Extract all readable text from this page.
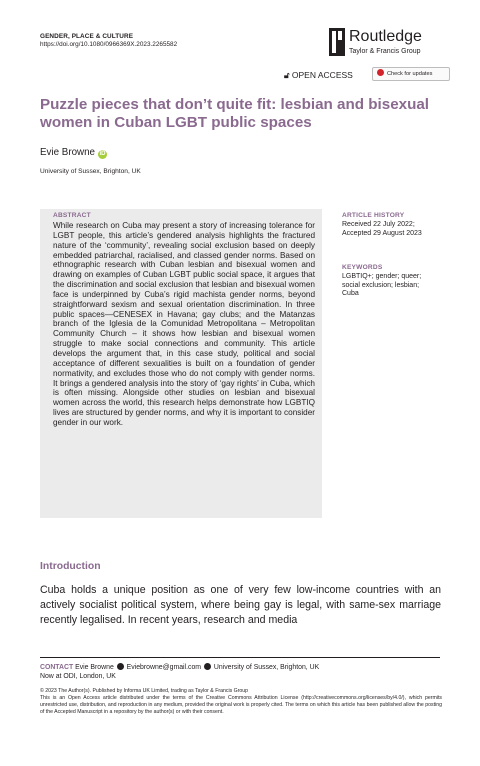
GENDER, PLACE & CULTURE
https://doi.org/10.1080/0966369X.2023.2265582	Routledge
Taylor & Francis Group
🔓︎ OPEN ACCESS	Check for updates
Puzzle pieces that don’t quite fit: lesbian and bisexual women in Cuban LGBT public spaces
Evie Browne iD
University of Sussex, Brighton, UK
ABSTRACT
While research on Cuba may present a story of increasing tolerance for LGBT people, this article’s gendered analysis highlights the fractured nature of the ‘community’, revealing social exclusion based on deeply embedded patriarchal, racialised, and classed gender norms. Based on ethnographic research with Cuban lesbian and bisexual women and drawing on examples of Cuban LGBT public social space, it argues that the discrimination and social exclusion that lesbian and bisexual women face is underpinned by Cuba’s rigid machista gender norms, beyond straightforward sexism and sexual orientation discrimination. In three public spaces—CENESEX in Havana; gay clubs; and the Matanzas branch of the Iglesia de la Comunidad Metropolitana – Metropolitan Community Church – it shows how lesbian and bisexual women struggle to make social connections and community. This article develops the argument that, in this case study, political and social acceptance of different sexualities is built on a foundation of gender normativity, and excludes those who do not comply with gender norms. It brings a gendered analysis into the story of ‘gay rights’ in Cuba, which is often missing. Alongside other studies on lesbian and bisexual women across the world, this research helps demonstrate how LGBTIQ lives are structured by gender norms, and why it is important to consider gender in our work.
ARTICLE HISTORY
Received 22 July 2022; Accepted 29 August 2023
KEYWORDS
LGBTIQ+; gender; queer; social exclusion; lesbian; Cuba
Introduction
Cuba holds a unique position as one of very few low-income countries with an actively socialist political system, where being gay is legal, with same-sex marriage recently legalised. In recent years, research and media
CONTACT Evie Browne Eviebrowne@gmail.com University of Sussex, Brighton, UK
Now at ODI, London, UK
© 2023 The Author(s). Published by Informa UK Limited, trading as Taylor & Francis Group
This is an Open Access article distributed under the terms of the Creative Commons Attribution License (http://creativecommons.org/licenses/by/4.0/), which permits unrestricted use, distribution, and reproduction in any medium, provided the original work is properly cited. The terms on which this article has been published allow the posting of the Accepted Manuscript in a repository by the author(s) or with their consent.
